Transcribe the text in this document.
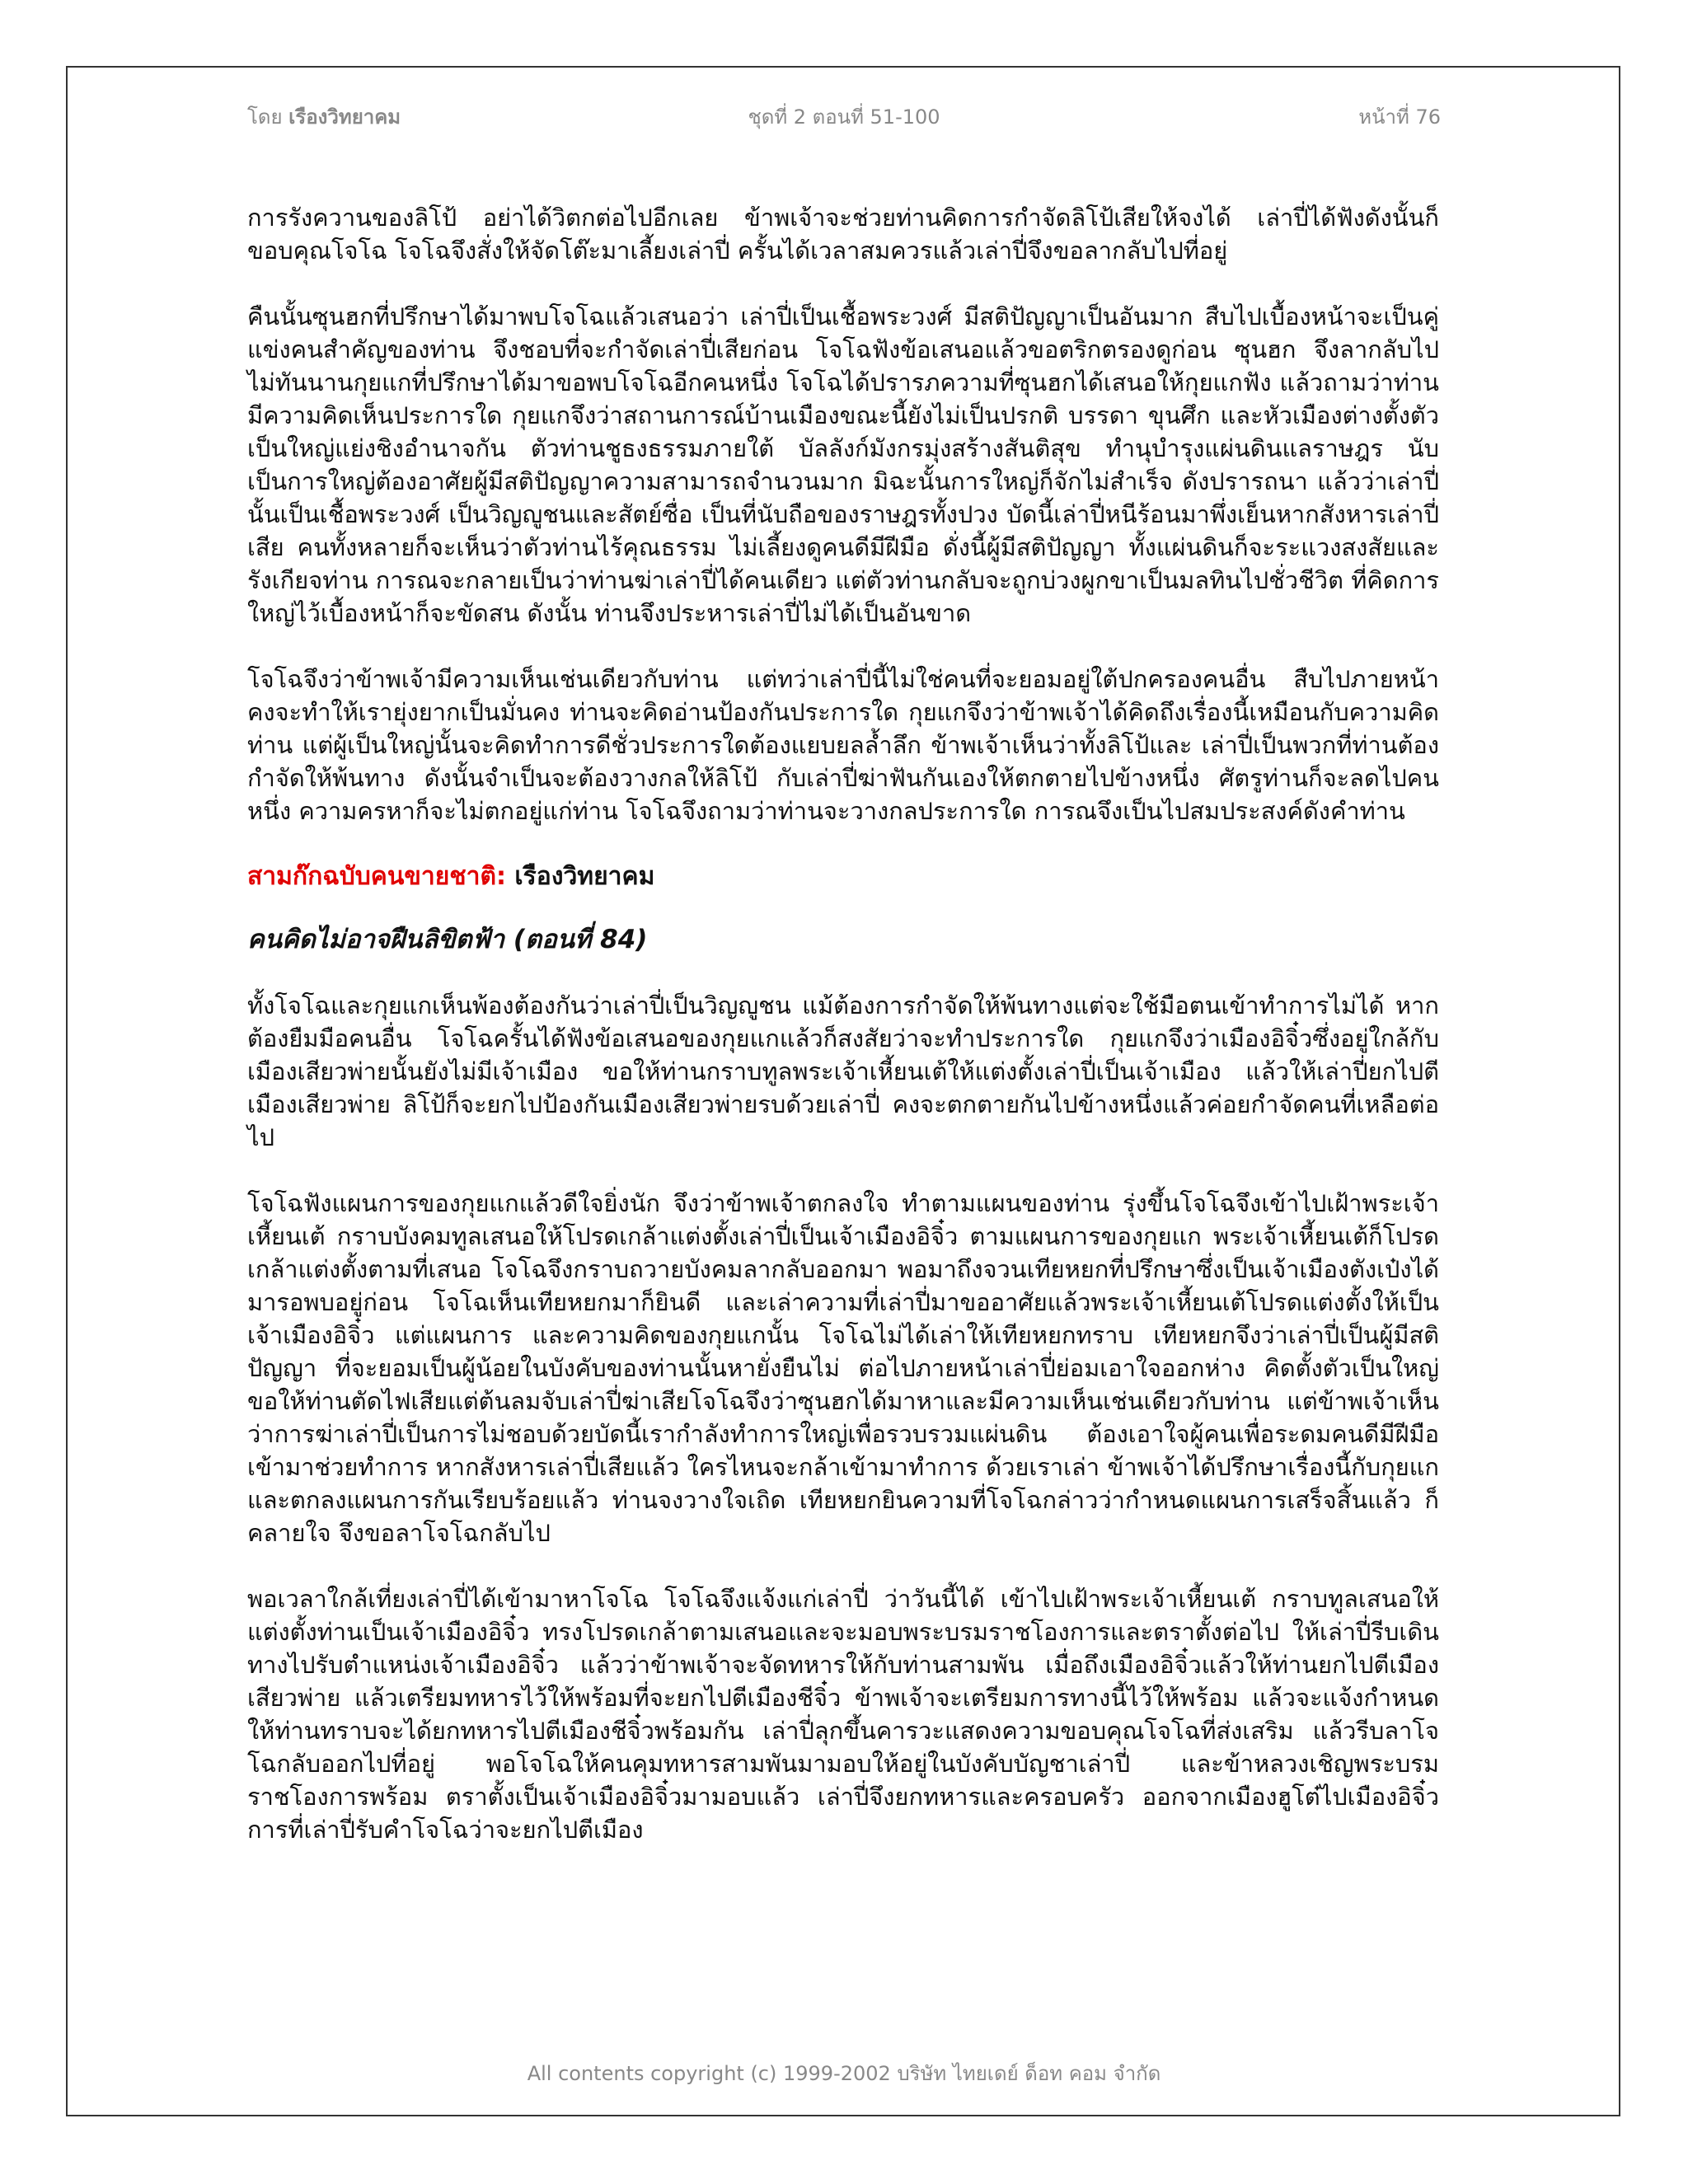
โดย เรืองวิทยาคม	ชุดที่ 2 ตอนที่ 51-100	หน้าที่ 76

การรังควานของลิโป้ อย่าได้วิตกต่อไปอีกเลย ข้าพเจ้าจะช่วยท่านคิดการกำจัดลิโป้เสียให้จงได้ เล่าปี่ได้ฟังดังนั้นก็ขอบคุณโจโฉ โจโฉจึงสั่งให้จัดโต๊ะมาเลี้ยงเล่าปี่ ครั้นได้เวลาสมควรแล้วเล่าปี่จึงขอลากลับไปที่อยู่

คืนนั้นซุนฮกที่ปรึกษาได้มาพบโจโฉแล้วเสนอว่า เล่าปี่เป็นเชื้อพระวงศ์ มีสติปัญญาเป็นอันมาก สืบไปเบื้องหน้าจะเป็นคู่แข่งคนสำคัญของท่าน จึงชอบที่จะกำจัดเล่าปี่เสียก่อน โจโฉฟังข้อเสนอแล้วขอตริกตรองดูก่อน ซุนฮก จึงลากลับไป ไม่ทันนานกุยแกที่ปรึกษาได้มาขอพบโจโฉอีกคนหนึ่ง โจโฉได้ปรารภความที่ซุนฮกได้เสนอให้กุยแกฟัง แล้วถามว่าท่านมีความคิดเห็นประการใด กุยแกจึงว่าสถานการณ์บ้านเมืองขณะนี้ยังไม่เป็นปรกติ บรรดา ขุนศึก และหัวเมืองต่างตั้งตัวเป็นใหญ่แย่งชิงอำนาจกัน ตัวท่านชูธงธรรมภายใต้ บัลลังก์มังกรมุ่งสร้างสันติสุข ทำนุบำรุงแผ่นดินแลราษฎร นับเป็นการใหญ่ต้องอาศัยผู้มีสติปัญญาความสามารถจำนวนมาก มิฉะนั้นการใหญ่ก็จักไม่สำเร็จ ดังปรารถนา แล้วว่าเล่าปี่นั้นเป็นเชื้อพระวงศ์ เป็นวิญญูชนและสัตย์ซื่อ เป็นที่นับถือของราษฎรทั้งปวง บัดนี้เล่าปี่หนีร้อนมาพึ่งเย็นหากสังหารเล่าปี่เสีย คนทั้งหลายก็จะเห็นว่าตัวท่านไร้คุณธรรม ไม่เลี้ยงดูคนดีมีฝีมือ ดั่งนี้ผู้มีสติปัญญา ทั้งแผ่นดินก็จะระแวงสงสัยและรังเกียจท่าน การณจะกลายเป็นว่าท่านฆ่าเล่าปี่ได้คนเดียว แต่ตัวท่านกลับจะถูกบ่วงผูกขาเป็นมลทินไปชั่วชีวิต ที่คิดการใหญ่ไว้เบื้องหน้าก็จะขัดสน ดังนั้น ท่านจึงประหารเล่าปี่ไม่ได้เป็นอันขาด

โจโฉจึงว่าข้าพเจ้ามีความเห็นเช่นเดียวกับท่าน แต่ทว่าเล่าปี่นี้ไม่ใช่คนที่จะยอมอยู่ใต้ปกครองคนอื่น สืบไปภายหน้าคงจะทำให้เรายุ่งยากเป็นมั่นคง ท่านจะคิดอ่านป้องกันประการใด กุยแกจึงว่าข้าพเจ้าได้คิดถึงเรื่องนี้เหมือนกับความคิดท่าน แต่ผู้เป็นใหญ่นั้นจะคิดทำการดีชั่วประการใดต้องแยบยลล้ำลึก ข้าพเจ้าเห็นว่าทั้งลิโป้และ เล่าปี่เป็นพวกที่ท่านต้องกำจัดให้พ้นทาง ดังนั้นจำเป็นจะต้องวางกลให้ลิโป้ กับเล่าปี่ฆ่าฟันกันเองให้ตกตายไปข้างหนึ่ง ศัตรูท่านก็จะลดไปคนหนึ่ง ความครหาก็จะไม่ตกอยู่แก่ท่าน โจโฉจึงถามว่าท่านจะวางกลประการใด การณจึงเป็นไปสมประสงค์ดังคำท่าน

สามก๊กฉบับคนขายชาติ: เรืองวิทยาคม
คนคิดไม่อาจฝืนลิขิตฟ้า (ตอนที่ 84)

ทั้งโจโฉและกุยแกเห็นพ้องต้องกันว่าเล่าปี่เป็นวิญญูชน แม้ต้องการกำจัดให้พ้นทางแต่จะใช้มือตนเข้าทำการไม่ได้ หากต้องยืมมือคนอื่น โจโฉครั้นได้ฟังข้อเสนอของกุยแกแล้วก็สงสัยว่าจะทำประการใด กุยแกจึงว่าเมืองอิจิ๋วซึ่งอยู่ใกล้กับเมืองเสียวพ่ายนั้นยังไม่มีเจ้าเมือง ขอให้ท่านกราบทูลพระเจ้าเหี้ยนเต้ให้แต่งตั้งเล่าปี่เป็นเจ้าเมือง แล้วให้เล่าปี่ยกไปตีเมืองเสียวพ่าย ลิโป้ก็จะยกไปป้องกันเมืองเสียวพ่ายรบด้วยเล่าปี่ คงจะตกตายกันไปข้างหนึ่งแล้วค่อยกำจัดคนที่เหลือต่อไป

โจโฉฟังแผนการของกุยแกแล้วดีใจยิ่งนัก จึงว่าข้าพเจ้าตกลงใจ ทำตามแผนของท่าน รุ่งขึ้นโจโฉจึงเข้าไปเฝ้าพระเจ้าเหี้ยนเต้ กราบบังคมทูลเสนอให้โปรดเกล้าแต่งตั้งเล่าปี่เป็นเจ้าเมืองอิจิ๋ว ตามแผนการของกุยแก พระเจ้าเหี้ยนเต้ก็โปรดเกล้าแต่งตั้งตามที่เสนอ โจโฉจึงกราบถวายบังคมลากลับออกมา พอมาถึงจวนเทียหยกที่ปรึกษาซึ่งเป็นเจ้าเมืองตังเป๋งได้มารอพบอยู่ก่อน โจโฉเห็นเทียหยกมาก็ยินดี และเล่าความที่เล่าปี่มาขออาศัยแล้วพระเจ้าเหี้ยนเต้โปรดแต่งตั้งให้เป็นเจ้าเมืองอิจิ๋ว แต่แผนการ และความคิดของกุยแกนั้น โจโฉไม่ได้เล่าให้เทียหยกทราบ เทียหยกจึงว่าเล่าปี่เป็นผู้มีสติปัญญา ที่จะยอมเป็นผู้น้อยในบังคับของท่านนั้นหายั่งยืนไม่ ต่อไปภายหน้าเล่าปี่ย่อมเอาใจออกห่าง คิดตั้งตัวเป็นใหญ่ ขอให้ท่านตัดไฟเสียแต่ต้นลมจับเล่าปี่ฆ่าเสียโจโฉจึงว่าซุนฮกได้มาหาและมีความเห็นเช่นเดียวกับท่าน แต่ข้าพเจ้าเห็นว่าการฆ่าเล่าปี่เป็นการไม่ชอบด้วยบัดนี้เรากำลังทำการใหญ่เพื่อรวบรวมแผ่นดิน ต้องเอาใจผู้คนเพื่อระดมคนดีมีฝีมือ เข้ามาช่วยทำการ หากสังหารเล่าปี่เสียแล้ว ใครไหนจะกล้าเข้ามาทำการ ด้วยเราเล่า ข้าพเจ้าได้ปรึกษาเรื่องนี้กับกุยแกและตกลงแผนการกันเรียบร้อยแล้ว ท่านจงวางใจเถิด เทียหยกยินความที่โจโฉกล่าวว่ากำหนดแผนการเสร็จสิ้นแล้ว ก็คลายใจ จึงขอลาโจโฉกลับไป

พอเวลาใกล้เที่ยงเล่าปี่ได้เข้ามาหาโจโฉ โจโฉจึงแจ้งแก่เล่าปี่ ว่าวันนี้ได้ เข้าไปเฝ้าพระเจ้าเหี้ยนเต้ กราบทูลเสนอให้แต่งตั้งท่านเป็นเจ้าเมืองอิจิ๋ว ทรงโปรดเกล้าตามเสนอและจะมอบพระบรมราชโองการและตราตั้งต่อไป ให้เล่าปี่รีบเดินทางไปรับตำแหน่งเจ้าเมืองอิจิ๋ว แล้วว่าข้าพเจ้าจะจัดทหารให้กับท่านสามพัน เมื่อถึงเมืองอิจิ๋วแล้วให้ท่านยกไปตีเมืองเสียวพ่าย แล้วเตรียมทหารไว้ให้พร้อมที่จะยกไปตีเมืองชีจิ๋ว ข้าพเจ้าจะเตรียมการทางนี้ไว้ให้พร้อม แล้วจะแจ้งกำหนดให้ท่านทราบจะได้ยกทหารไปตีเมืองชีจิ๋วพร้อมกัน เล่าปี่ลุกขึ้นคารวะแสดงความขอบคุณโจโฉที่ส่งเสริม แล้วรีบลาโจโฉกลับออกไปที่อยู่ พอโจโฉให้คนคุมทหารสามพันมามอบให้อยู่ในบังคับบัญชาเล่าปี่ และข้าหลวงเชิญพระบรมราชโองการพร้อม ตราตั้งเป็นเจ้าเมืองอิจิ๋วมามอบแล้ว เล่าปี่จึงยกทหารและครอบครัว ออกจากเมืองฮูโต๋ไปเมืองอิจิ๋ว การที่เล่าปี่รับคำโจโฉว่าจะยกไปตีเมือง

All contents copyright (c) 1999-2002 บริษัท ไทยเดย์ ด็อท คอม จำกัด
